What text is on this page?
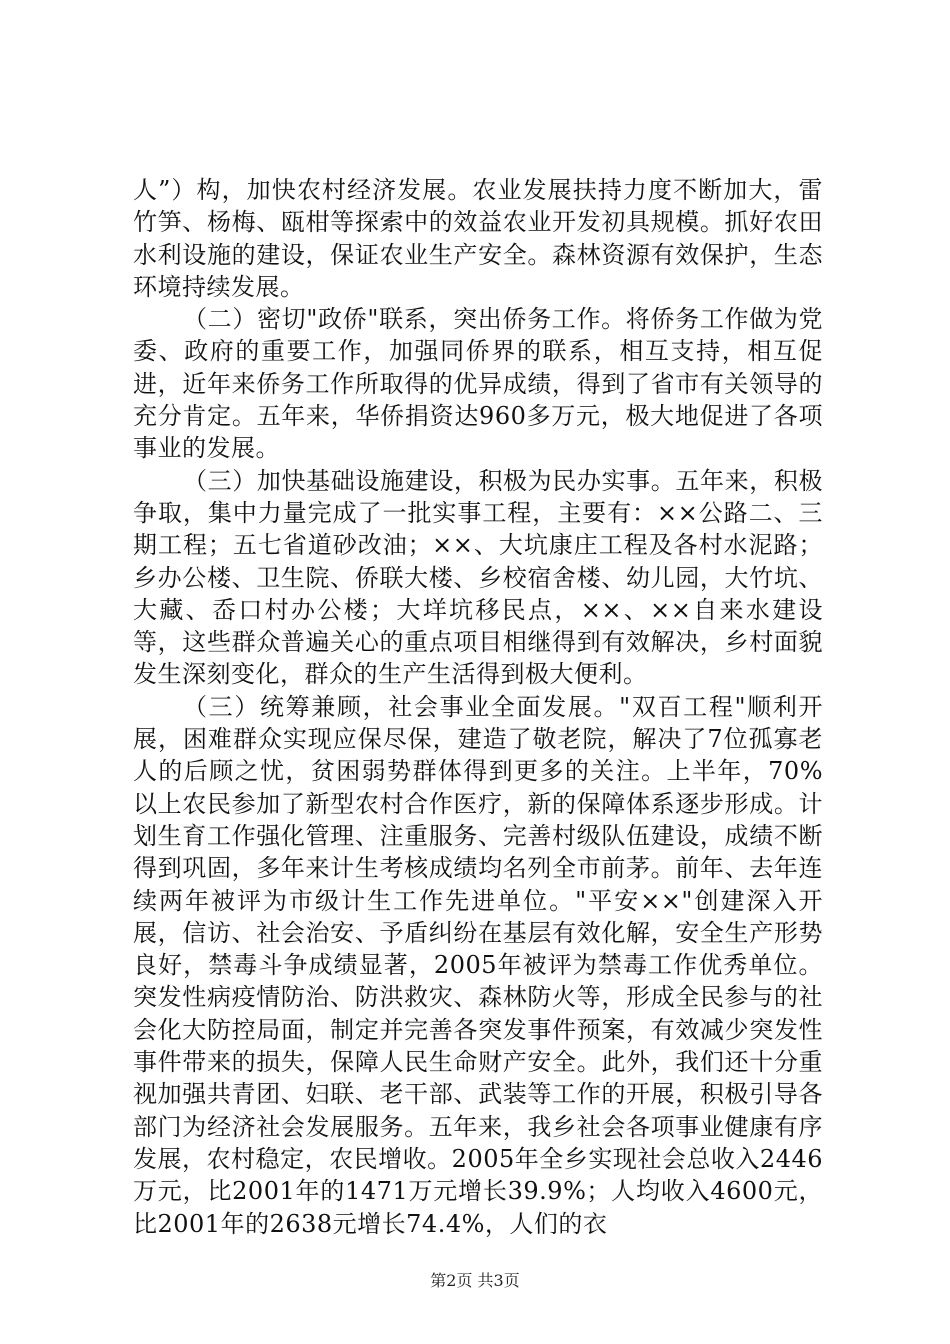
人”）构，加快农村经济发展。农业发展扶持力度不断加大，雷竹笋、杨梅、瓯柑等探索中的效益农业开发初具规模。抓好农田水利设施的建设，保证农业生产安全。森林资源有效保护，生态环境持续发展。

（二）密切"政侨"联系，突出侨务工作。将侨务工作做为党委、政府的重要工作，加强同侨界的联系，相互支持，相互促进，近年来侨务工作所取得的优异成绩，得到了省市有关领导的充分肯定。五年来，华侨捐资达960多万元，极大地促进了各项事业的发展。

（三）加快基础设施建设，积极为民办实事。五年来，积极争取，集中力量完成了一批实事工程，主要有：××公路二、三期工程；五七省道砂改油；××、大坑康庄工程及各村水泥路；乡办公楼、卫生院、侨联大楼、乡校宿舍楼、幼儿园，大竹坑、大藏、岙口村办公楼；大垟坑移民点，××、××自来水建设等，这些群众普遍关心的重点项目相继得到有效解决，乡村面貌发生深刻变化，群众的生产生活得到极大便利。

（三）统筹兼顾，社会事业全面发展。"双百工程"顺利开展，困难群众实现应保尽保，建造了敬老院，解决了7位孤寡老人的后顾之忧，贫困弱势群体得到更多的关注。上半年，70%以上农民参加了新型农村合作医疗，新的保障体系逐步形成。计划生育工作强化管理、注重服务、完善村级队伍建设，成绩不断得到巩固，多年来计生考核成绩均名列全市前茅。前年、去年连续两年被评为市级计生工作先进单位。"平安××"创建深入开展，信访、社会治安、予盾纠纷在基层有效化解，安全生产形势良好，禁毒斗争成绩显著，2005年被评为禁毒工作优秀单位。突发性病疫情防治、防洪救灾、森林防火等，形成全民参与的社会化大防控局面，制定并完善各突发事件预案，有效减少突发性事件带来的损失，保障人民生命财产安全。此外，我们还十分重视加强共青团、妇联、老干部、武装等工作的开展，积极引导各部门为经济社会发展服务。五年来，我乡社会各项事业健康有序发展，农村稳定，农民增收。2005年全乡实现社会总收入2446万元，比2001年的1471万元增长39.9%；人均收入4600元，比2001年的2638元增长74.4%，人们的衣

第2页 共3页
